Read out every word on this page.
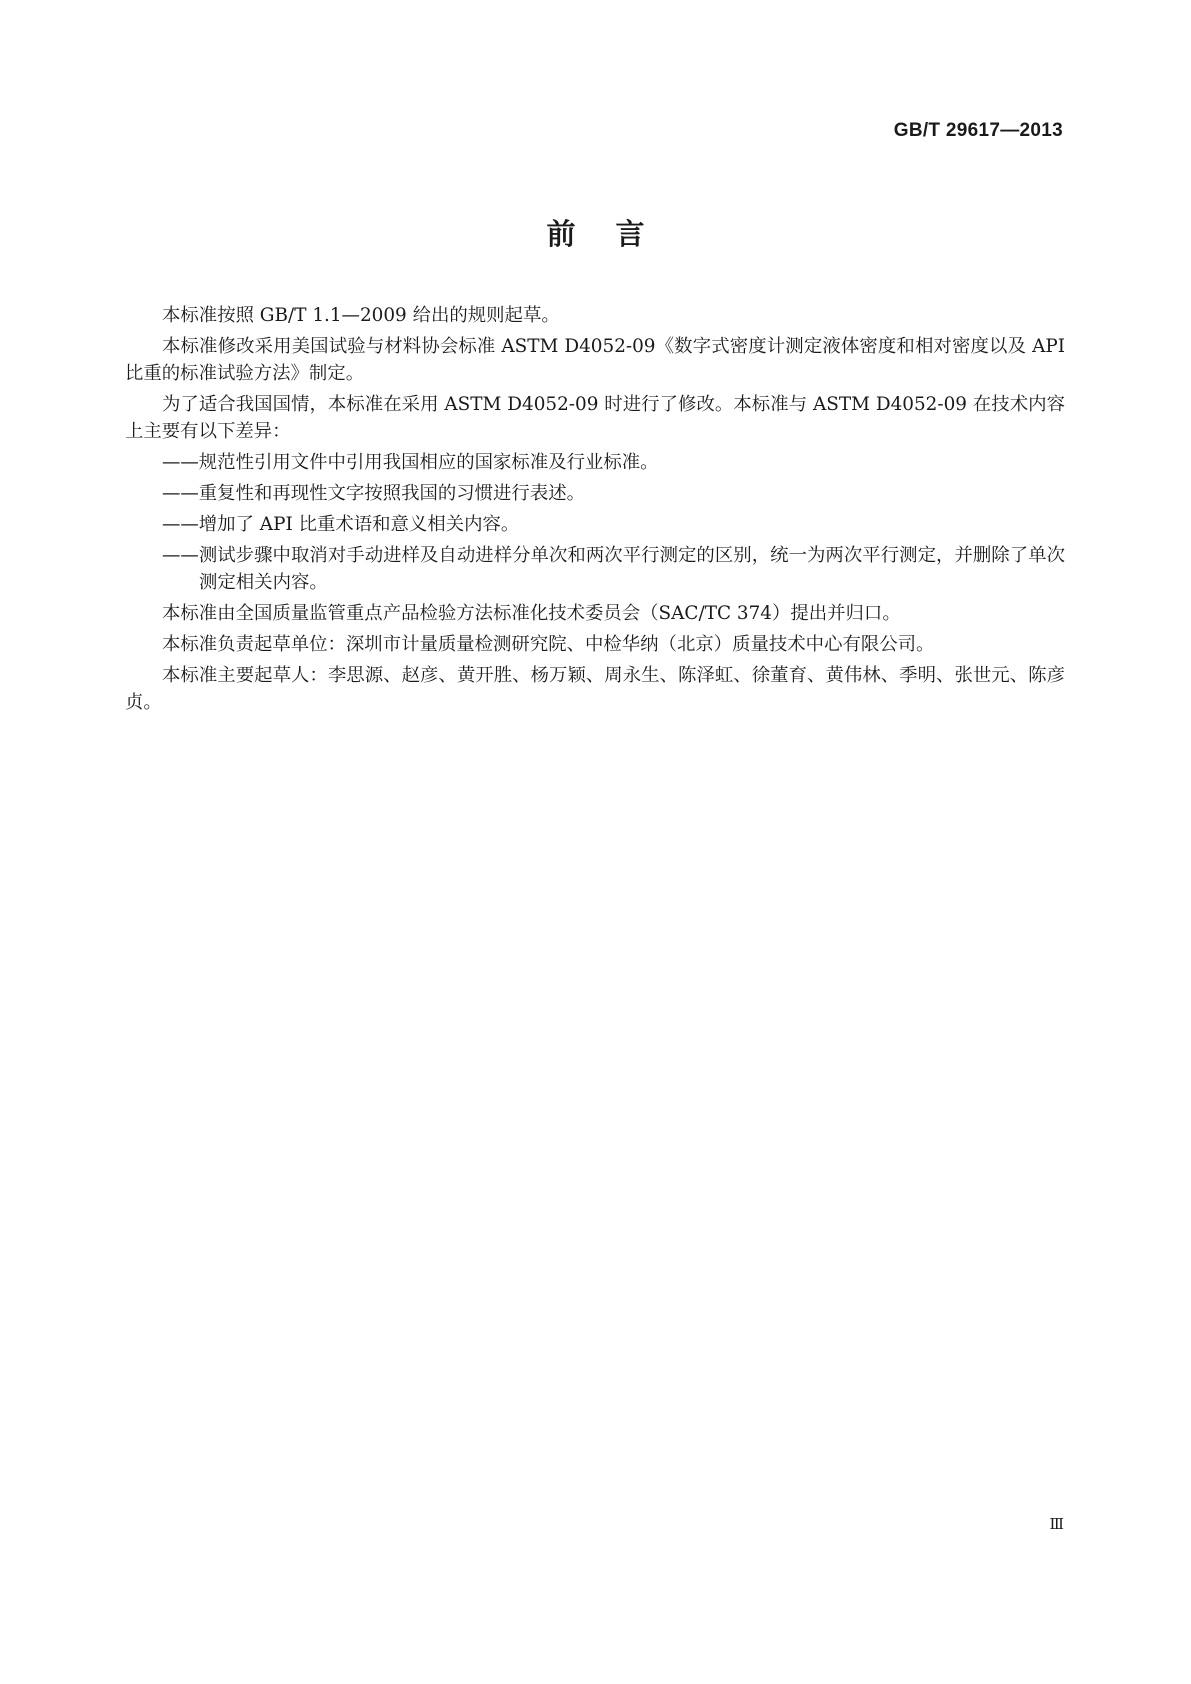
GB/T 29617—2013
前言

本标准按照 GB/T 1.1—2009 给出的规则起草。

本标准修改采用美国试验与材料协会标准 ASTM D4052-09《数字式密度计测定液体密度和相对密度以及 API 比重的标准试验方法》制定。

为了适合我国国情，本标准在采用 ASTM D4052-09 时进行了修改。本标准与 ASTM D4052-09 在技术内容上主要有以下差异：

——规范性引用文件中引用我国相应的国家标准及行业标准。

——重复性和再现性文字按照我国的习惯进行表述。

——增加了 API 比重术语和意义相关内容。

——测试步骤中取消对手动进样及自动进样分单次和两次平行测定的区别，统一为两次平行测定，并删除了单次测定相关内容。

本标准由全国质量监管重点产品检验方法标准化技术委员会（SAC/TC 374）提出并归口。

本标准负责起草单位：深圳市计量质量检测研究院、中检华纳（北京）质量技术中心有限公司。

本标准主要起草人：李思源、赵彦、黄开胜、杨万颖、周永生、陈泽虹、徐董育、黄伟林、季明、张世元、陈彦贞。

Ⅲ
